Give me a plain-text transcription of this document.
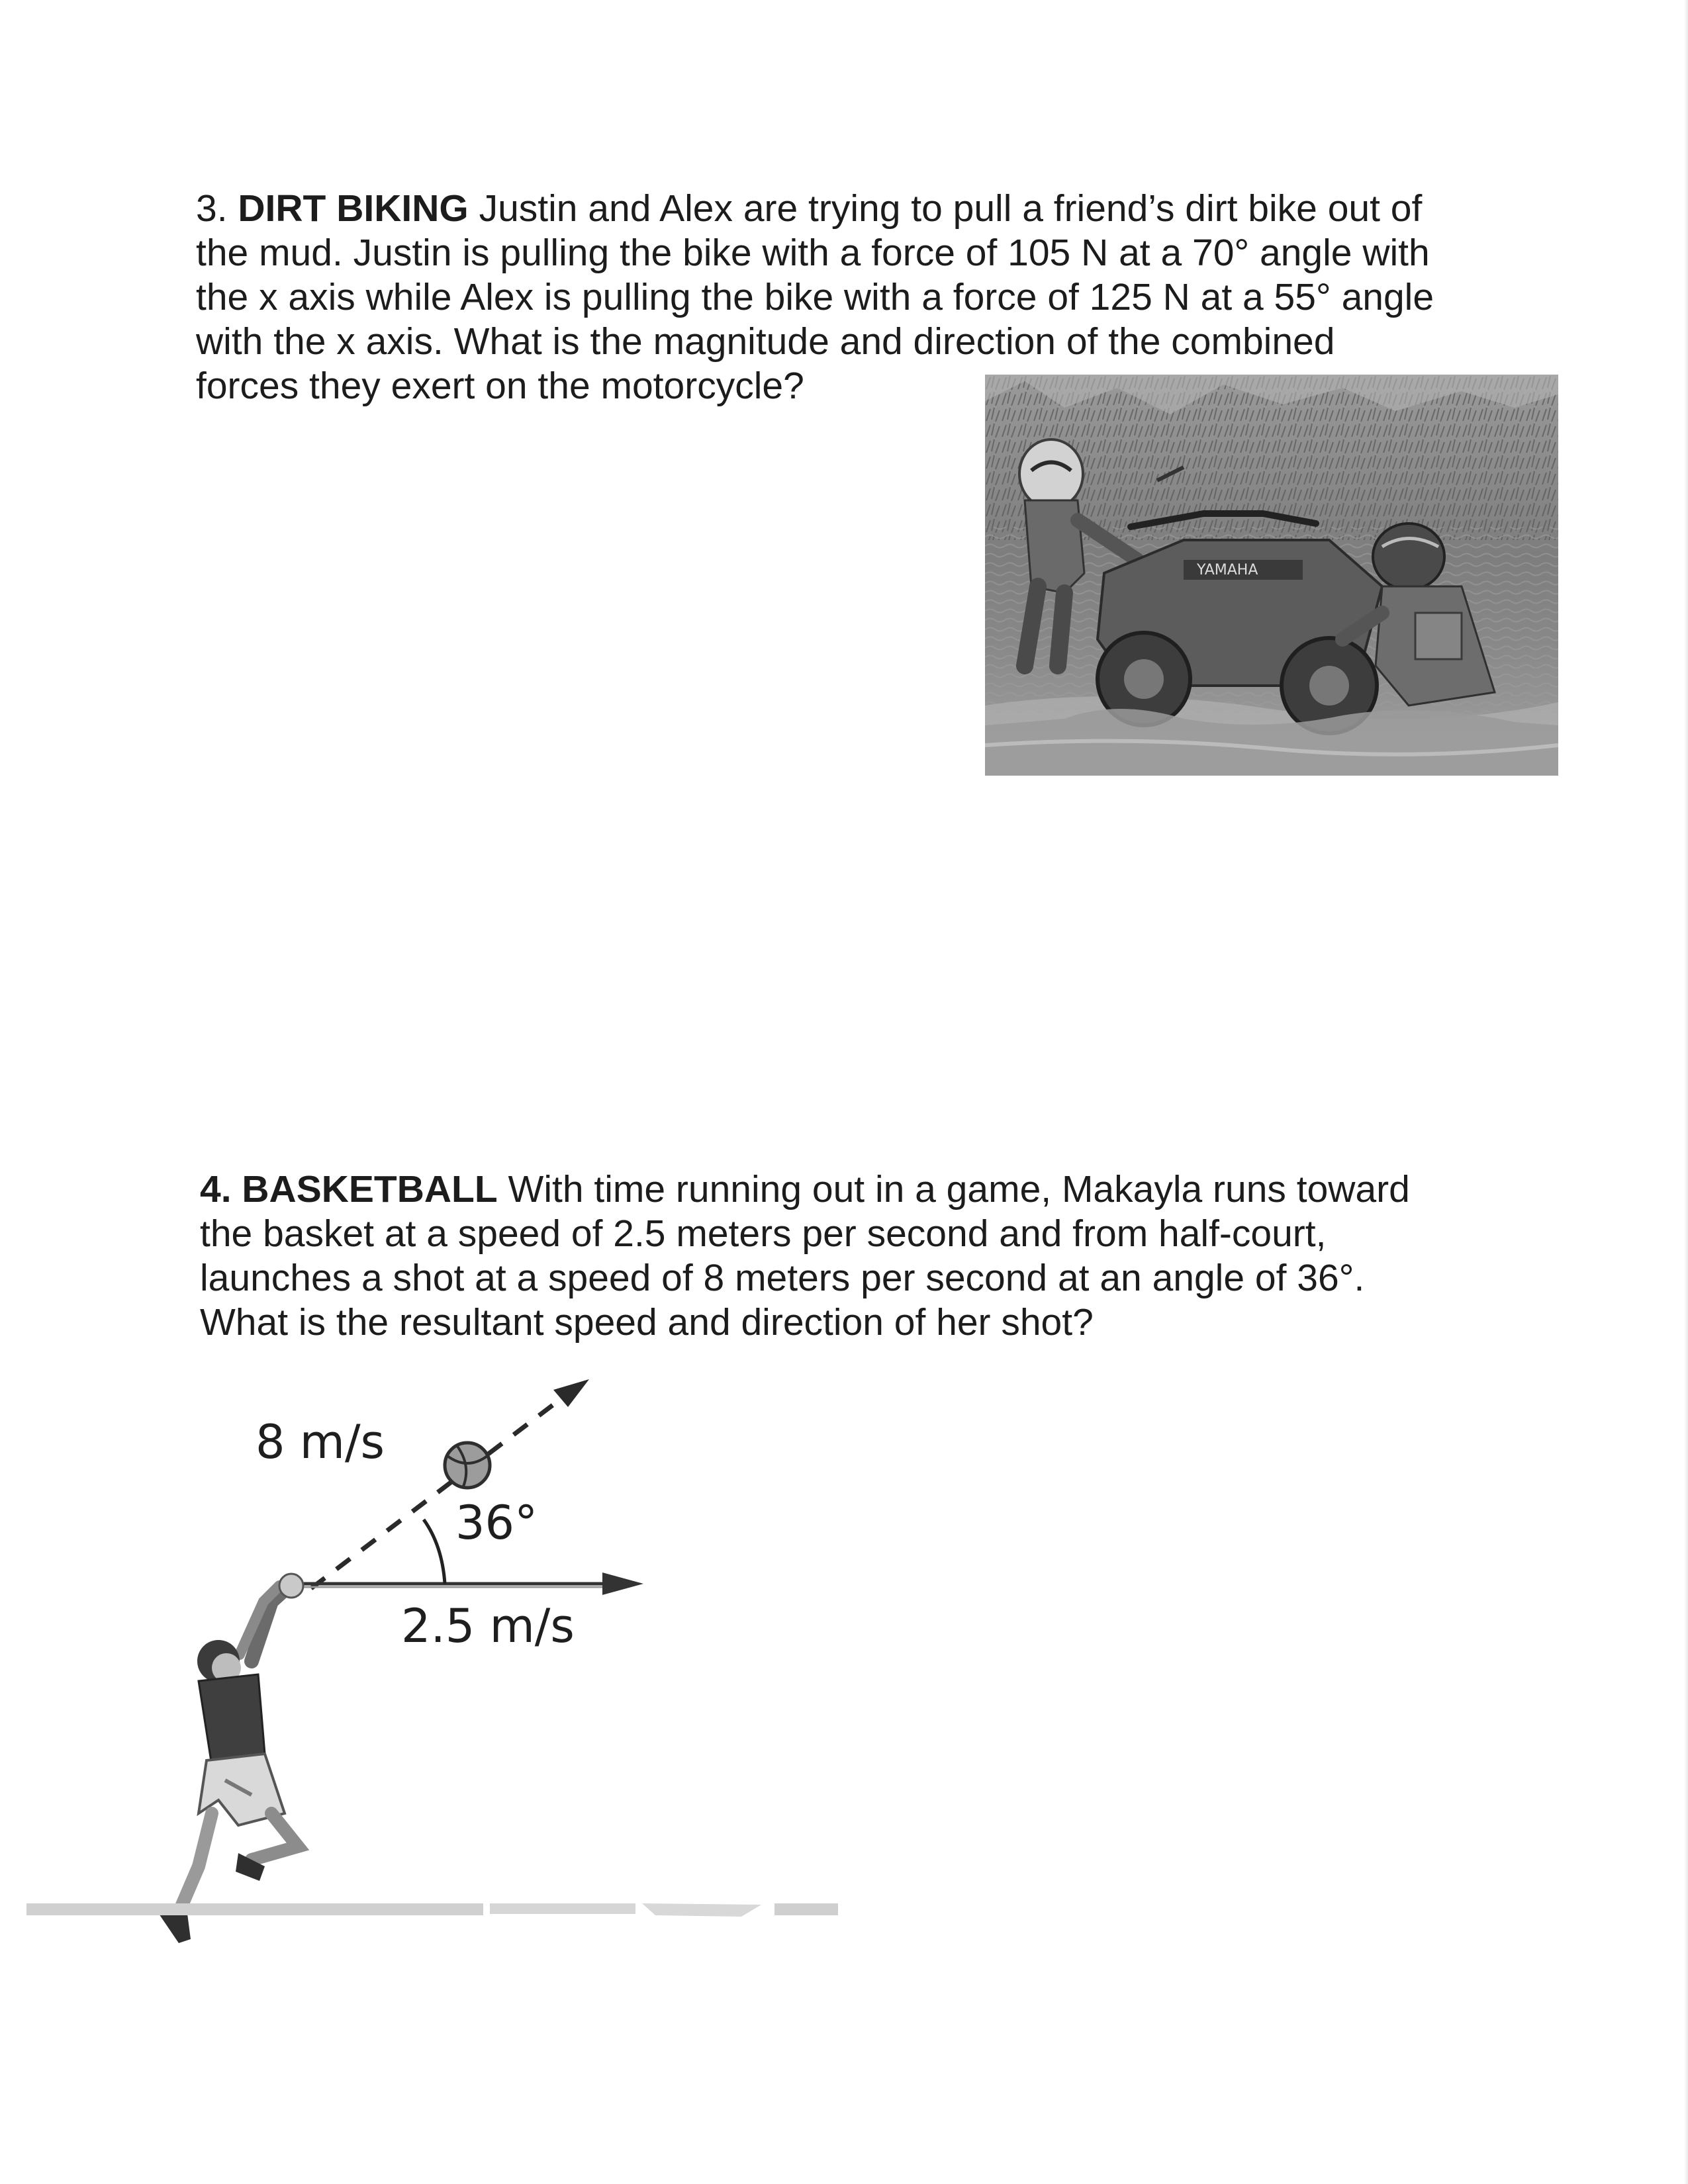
3. DIRT BIKING Justin and Alex are trying to pull a friend’s dirt bike out of
the mud. Justin is pulling the bike with a force of 105 N at a 70° angle with
the x axis while Alex is pulling the bike with a force of 125 N at a 55° angle
with the x axis. What is the magnitude and direction of the combined
forces they exert on the motorcycle?
YAMAHA
4. BASKETBALL With time running out in a game, Makayla runs toward
the basket at a speed of 2.5 meters per second and from half-court,
launches a shot at a speed of 8 meters per second at an angle of 36°.
What is the resultant speed and direction of her shot?
8 m/s
36°
2.5 m/s
